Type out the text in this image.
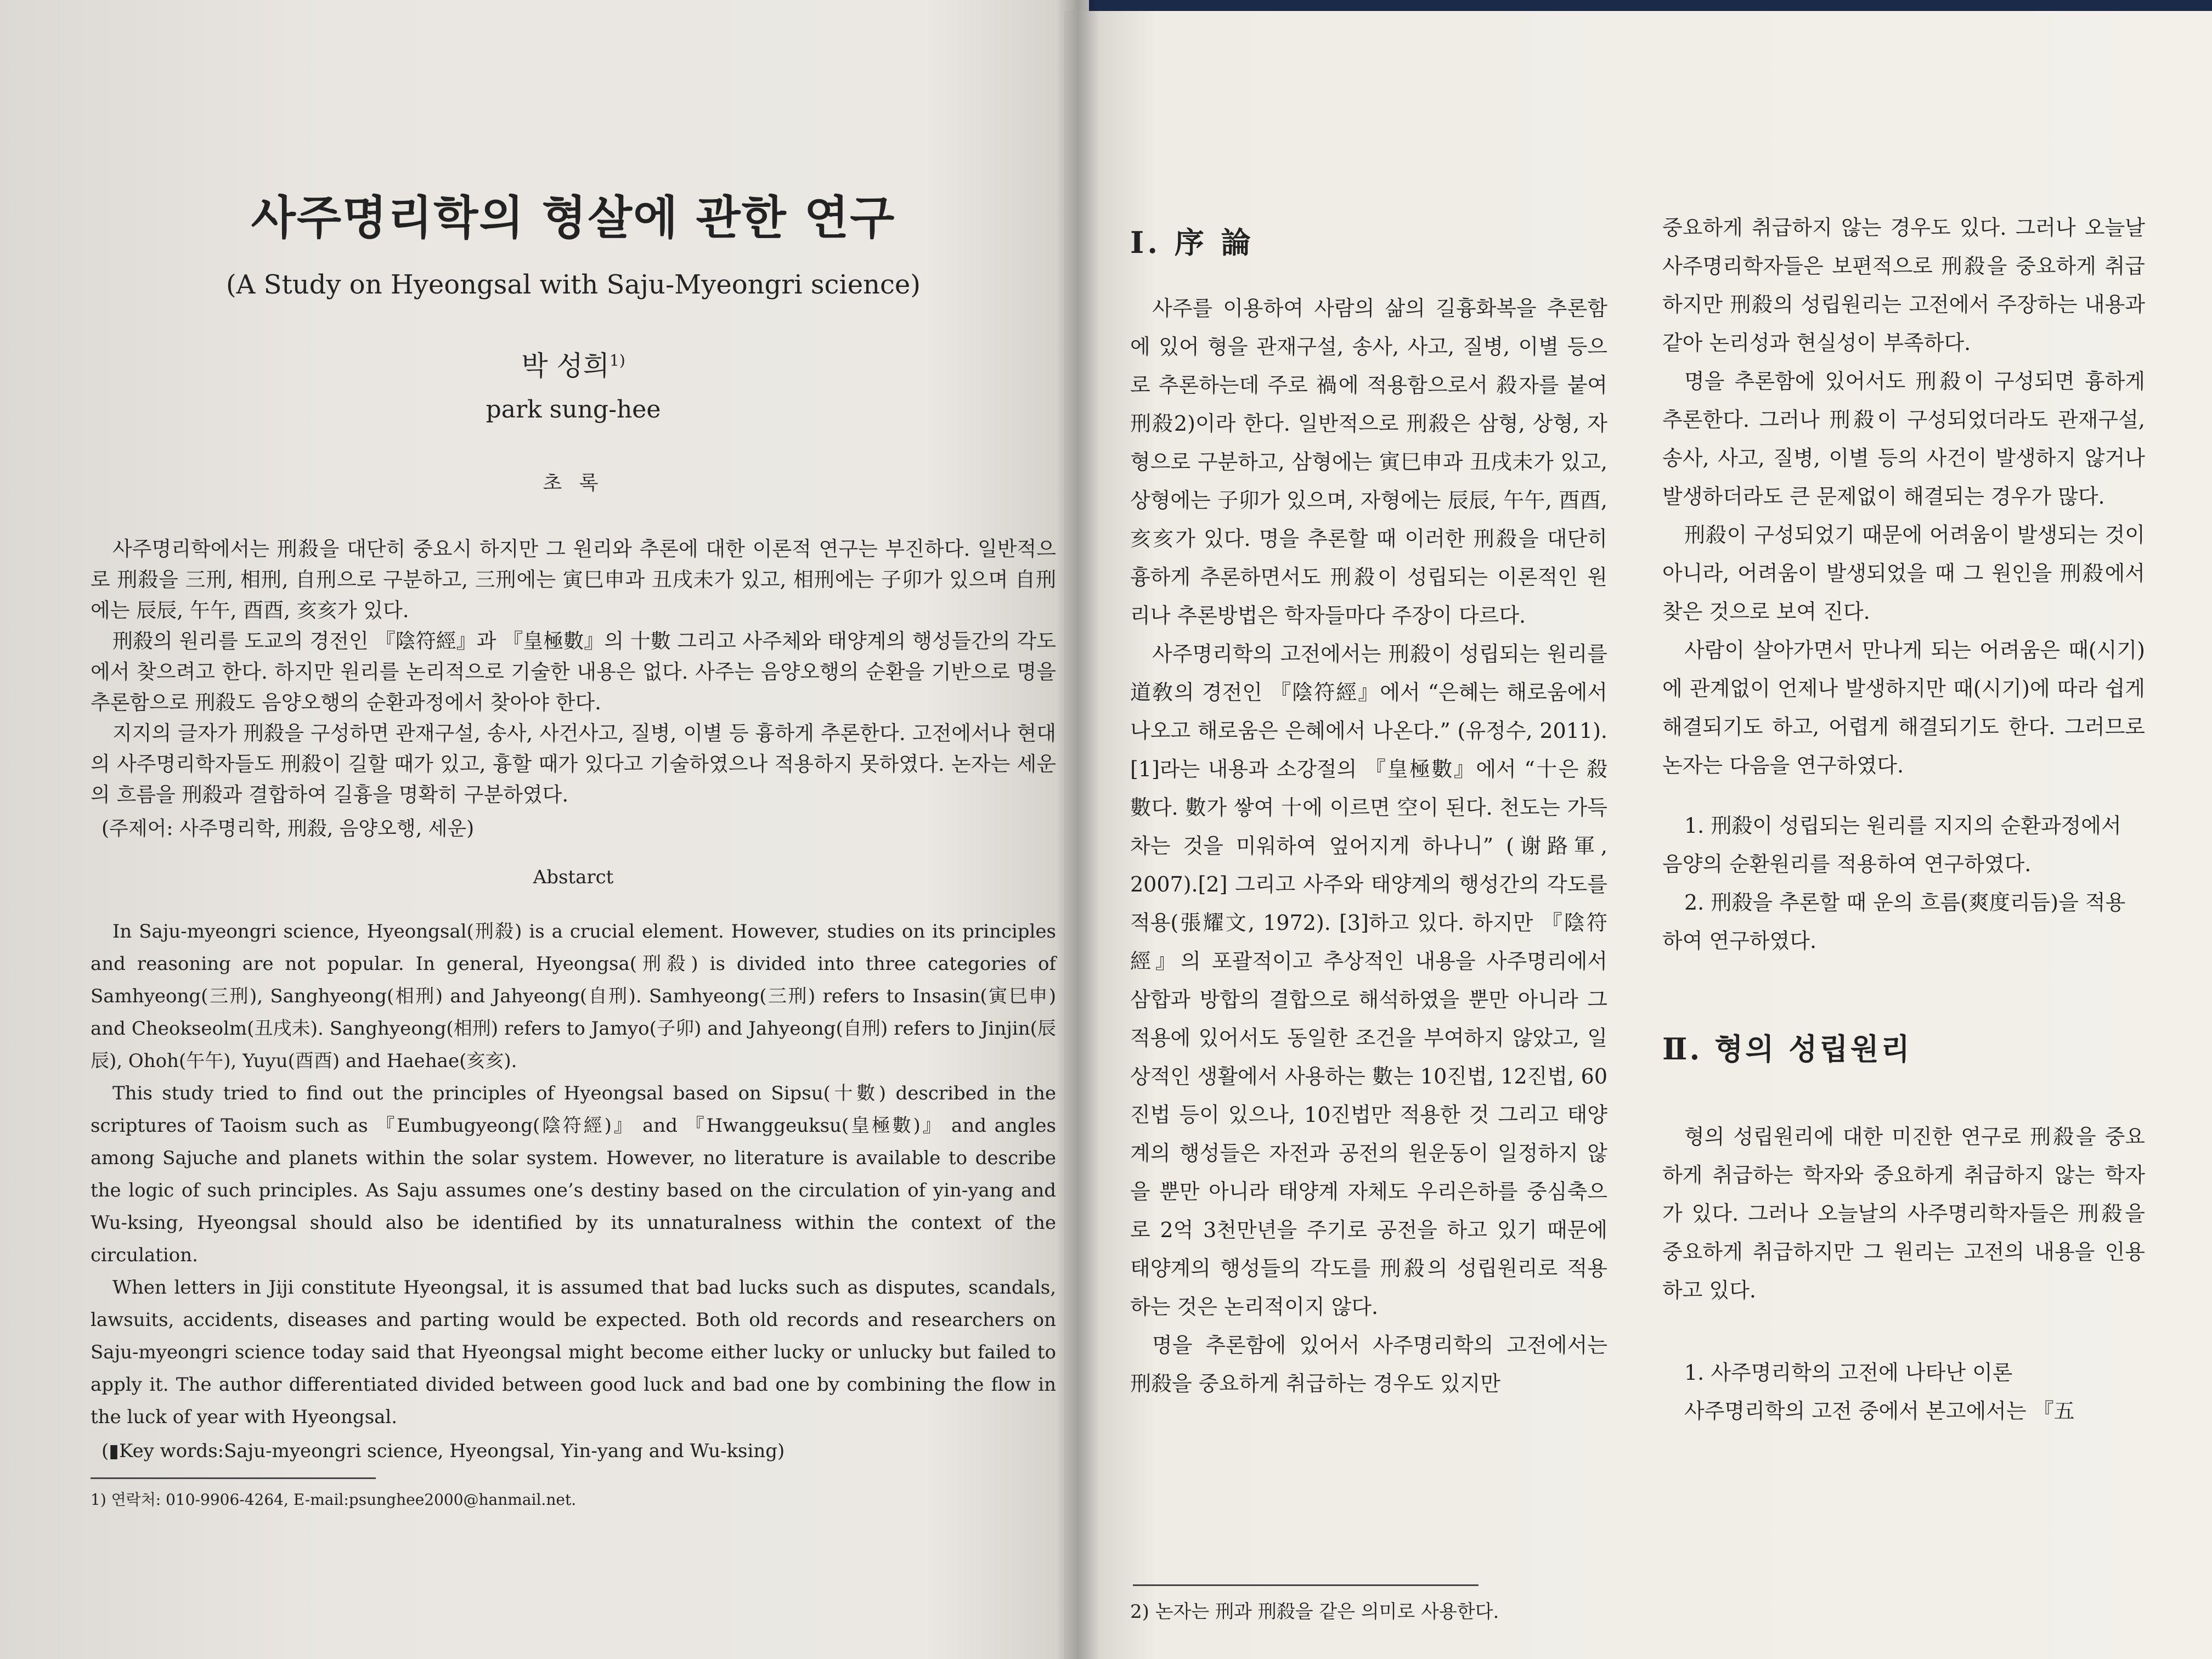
사주명리학의 형살에 관한 연구
(A Study on Hyeongsal with Saju-Myeongri science)
박 성희$^{1)}$
park sung-hee
초 록

사주명리학에서는 刑殺을 대단히 중요시 하지만 그 원리와 추론에 대한 이론적 연구는 부진하다. 일반적으로 刑殺을 三刑, 相刑, 自刑으로 구분하고, 三刑에는 寅巳申과 丑戌未가 있고, 相刑에는 子卯가 있으며 自刑에는 辰辰, 午午, 酉酉, 亥亥가 있다.

刑殺의 원리를 도교의 경전인 『陰符經』과 『皇極數』의 十數 그리고 사주체와 태양계의 행성들간의 각도에서 찾으려고 한다. 하지만 원리를 논리적으로 기술한 내용은 없다. 사주는 음양오행의 순환을 기반으로 명을 추론함으로 刑殺도 음양오행의 순환과정에서 찾아야 한다.

지지의 글자가 刑殺을 구성하면 관재구설, 송사, 사건사고, 질병, 이별 등 흉하게 추론한다. 고전에서나 현대의 사주명리학자들도 刑殺이 길할 때가 있고, 흉할 때가 있다고 기술하였으나 적용하지 못하였다. 논자는 세운의 흐름을 刑殺과 결합하여 길흉을 명확히 구분하였다.

(주제어: 사주명리학, 刑殺, 음양오행, 세운)
Abstarct

In Saju-myeongri science, Hyeongsal(刑殺) is a crucial element. However, studies on its principles and reasoning are not popular. In general, Hyeongsa(刑殺) is divided into three categories of Samhyeong(三刑), Sanghyeong(相刑) and Jahyeong(自刑). Samhyeong(三刑) refers to Insasin(寅巳申) and Cheokseolm(丑戌未). Sanghyeong(相刑) refers to Jamyo(子卯) and Jahyeong(自刑) refers to Jinjin(辰辰), Ohoh(午午), Yuyu(酉酉) and Haehae(亥亥).

This study tried to find out the principles of Hyeongsal based on Sipsu(十數) described in the scriptures of Taoism such as 『Eumbugyeong(陰符經)』 and 『Hwanggeuksu(皇極數)』 and angles among Sajuche and planets within the solar system. However, no literature is available to describe the logic of such principles. As Saju assumes one’s destiny based on the circulation of yin-yang and Wu-ksing, Hyeongsal should also be identified by its unnaturalness within the context of the circulation.

When letters in Jiji constitute Hyeongsal, it is assumed that bad lucks such as disputes, scandals, lawsuits, accidents, diseases and parting would be expected. Both old records and researchers on Saju-myeongri science today said that Hyeongsal might become either lucky or unlucky but failed to apply it. The author differentiated divided between good luck and bad one by combining the flow in the luck of year with Hyeongsal.

(▮Key words:Saju-myeongri science, Hyeongsal, Yin-yang and Wu-ksing)
1) 연락처: 010-9906-4264, E-mail:psunghee2000@hanmail.net.
Ⅰ. 序 論

사주를 이용하여 사람의 삶의 길흉화복을 추론함에 있어 형을 관재구설, 송사, 사고, 질병, 이별 등으로 추론하는데 주로 禍에 적용함으로서 殺자를 붙여 刑殺2)이라 한다. 일반적으로 刑殺은 삼형, 상형, 자형으로 구분하고, 삼형에는 寅巳申과 丑戌未가 있고, 상형에는 子卯가 있으며, 자형에는 辰辰, 午午, 酉酉, 亥亥가 있다. 명을 추론할 때 이러한 刑殺을 대단히 흉하게 추론하면서도 刑殺이 성립되는 이론적인 원리나 추론방법은 학자들마다 주장이 다르다.

사주명리학의 고전에서는 刑殺이 성립되는 원리를 道敎의 경전인 『陰符經』에서 “은혜는 해로움에서 나오고 해로움은 은혜에서 나온다.” (유정수, 2011).[1]라는 내용과 소강절의 『皇極數』에서 “十은 殺數다. 數가 쌓여 十에 이르면 空이 된다. 천도는 가득 차는 것을 미워하여 엎어지게 하나니” (谢路軍, 2007).[2] 그리고 사주와 태양계의 행성간의 각도를 적용(張耀文, 1972). [3]하고 있다. 하지만 『陰符經』의 포괄적이고 추상적인 내용을 사주명리에서 삼합과 방합의 결합으로 해석하였을 뿐만 아니라 그 적용에 있어서도 동일한 조건을 부여하지 않았고, 일상적인 생활에서 사용하는 數는 10진법, 12진법, 60진법 등이 있으나, 10진법만 적용한 것 그리고 태양계의 행성들은 자전과 공전의 원운동이 일정하지 않을 뿐만 아니라 태양계 자체도 우리은하를 중심축으로 2억 3천만년을 주기로 공전을 하고 있기 때문에 태양계의 행성들의 각도를 刑殺의 성립원리로 적용하는 것은 논리적이지 않다.

명을 추론함에 있어서 사주명리학의 고전에서는 刑殺을 중요하게 취급하는 경우도 있지만

2) 논자는 刑과 刑殺을 같은 의미로 사용한다.

중요하게 취급하지 않는 경우도 있다. 그러나 오늘날 사주명리학자들은 보편적으로 刑殺을 중요하게 취급하지만 刑殺의 성립원리는 고전에서 주장하는 내용과 같아 논리성과 현실성이 부족하다.

명을 추론함에 있어서도 刑殺이 구성되면 흉하게 추론한다. 그러나 刑殺이 구성되었더라도 관재구설, 송사, 사고, 질병, 이별 등의 사건이 발생하지 않거나 발생하더라도 큰 문제없이 해결되는 경우가 많다.

刑殺이 구성되었기 때문에 어려움이 발생되는 것이 아니라, 어려움이 발생되었을 때 그 원인을 刑殺에서 찾은 것으로 보여 진다.

사람이 살아가면서 만나게 되는 어려움은 때(시기)에 관계없이 언제나 발생하지만 때(시기)에 따라 쉽게 해결되기도 하고, 어렵게 해결되기도 한다. 그러므로 논자는 다음을 연구하였다.

1. 刑殺이 성립되는 원리를 지지의 순환과정에서 음양의 순환원리를 적용하여 연구하였다.

2. 刑殺을 추론할 때 운의 흐름(爽度리듬)을 적용하여 연구하였다.

Ⅱ. 형의 성립원리

형의 성립원리에 대한 미진한 연구로 刑殺을 중요하게 취급하는 학자와 중요하게 취급하지 않는 학자가 있다. 그러나 오늘날의 사주명리학자들은 刑殺을 중요하게 취급하지만 그 원리는 고전의 내용을 인용하고 있다.

1. 사주명리학의 고전에 나타난 이론

사주명리학의 고전 중에서 본고에서는 『五
